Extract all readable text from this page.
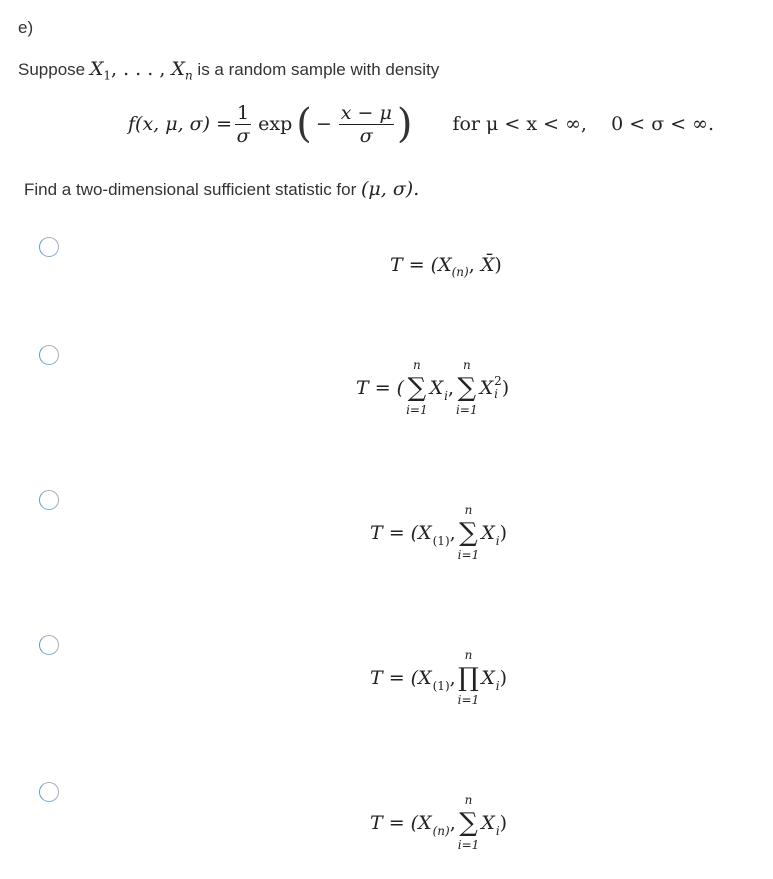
e)
Suppose $X_1$, . . . , $X_n$ is a random sample with density
f(x, μ, $\sigma) = \frac{1}{\sigma}$ exp ( − $\frac{x - \mu}{\sigma}$ ) for μ < x < ∞,    0 < σ < ∞.
Find a two-dimensional sufficient statistic for (μ, σ).
$T = (X_{(n)}$, X̄)
T = (
n
∑
i=1
X i ,
n
∑
i=1
X 2
i )
T = ( X (1) ,
n
∑
i=1
X i )
T = ( X (1) ,
n
∏
i=1
X i )
T = ( X (n) ,
n
∑
i=1
X i )
